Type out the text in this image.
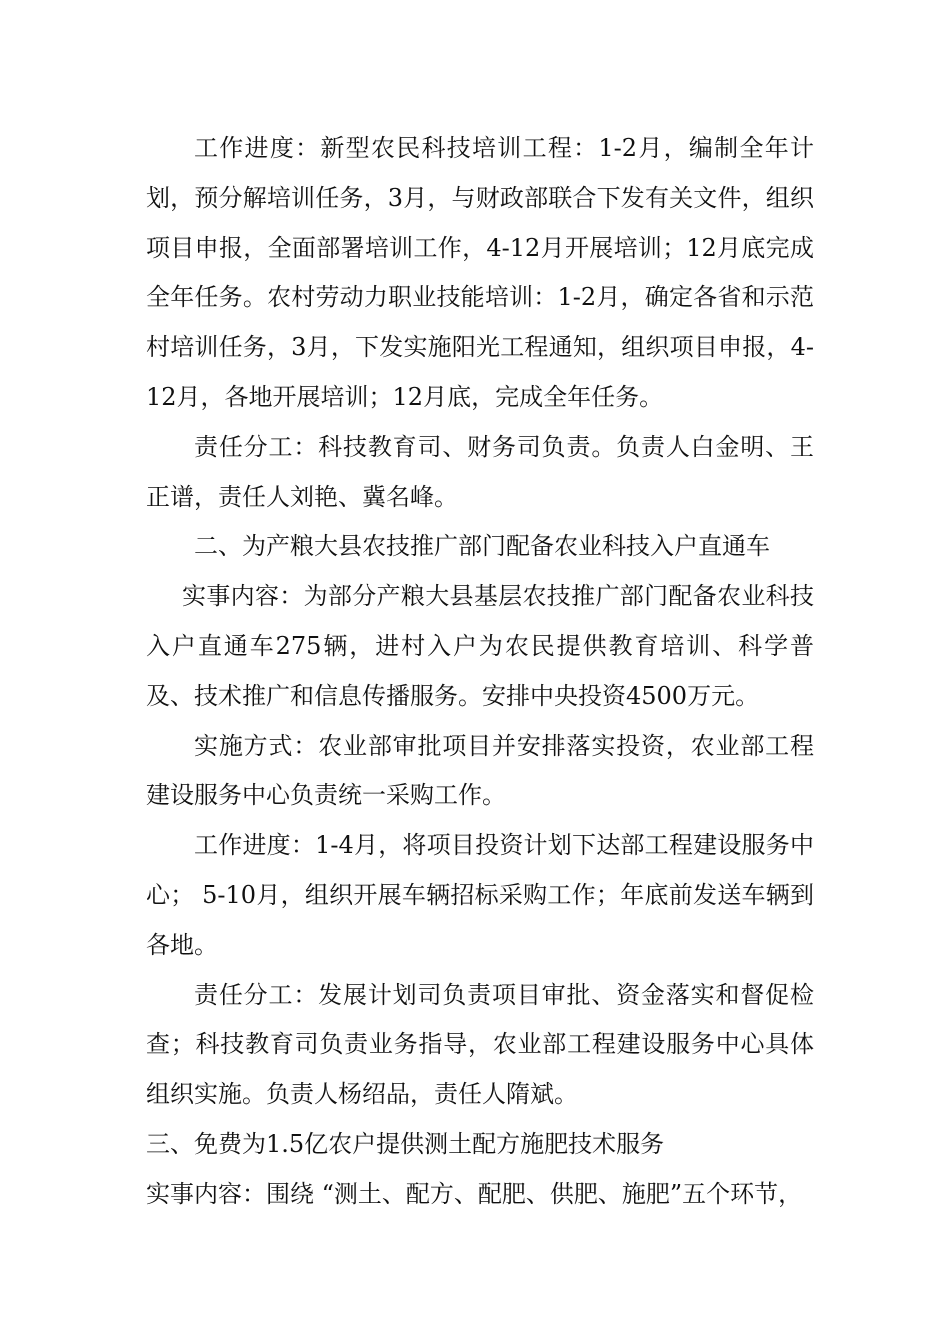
工作进度：新型农民科技培训工程：1-2月，编制全年计划，预分解培训任务，3月，与财政部联合下发有关文件，组织项目申报，全面部署培训工作，4-12月开展培训；12月底完成全年任务。农村劳动力职业技能培训：1-2月，确定各省和示范村培训任务，3月，下发实施阳光工程通知，组织项目申报，4-12月，各地开展培训；12月底，完成全年任务。

责任分工：科技教育司、财务司负责。负责人白金明、王正谱，责任人刘艳、冀名峰。

二、为产粮大县农技推广部门配备农业科技入户直通车

实事内容：为部分产粮大县基层农技推广部门配备农业科技入户直通车275辆，进村入户为农民提供教育培训、科学普及、技术推广和信息传播服务。安排中央投资4500万元。

实施方式：农业部审批项目并安排落实投资，农业部工程建设服务中心负责统一采购工作。

工作进度：1-4月，将项目投资计划下达部工程建设服务中心； 5-10月，组织开展车辆招标采购工作；年底前发送车辆到各地。

责任分工：发展计划司负责项目审批、资金落实和督促检查；科技教育司负责业务指导，农业部工程建设服务中心具体组织实施。负责人杨绍品，责任人隋斌。

三、免费为1.5亿农户提供测土配方施肥技术服务

实事内容：围绕 “测土、配方、配肥、供肥、施肥”五个环节，
